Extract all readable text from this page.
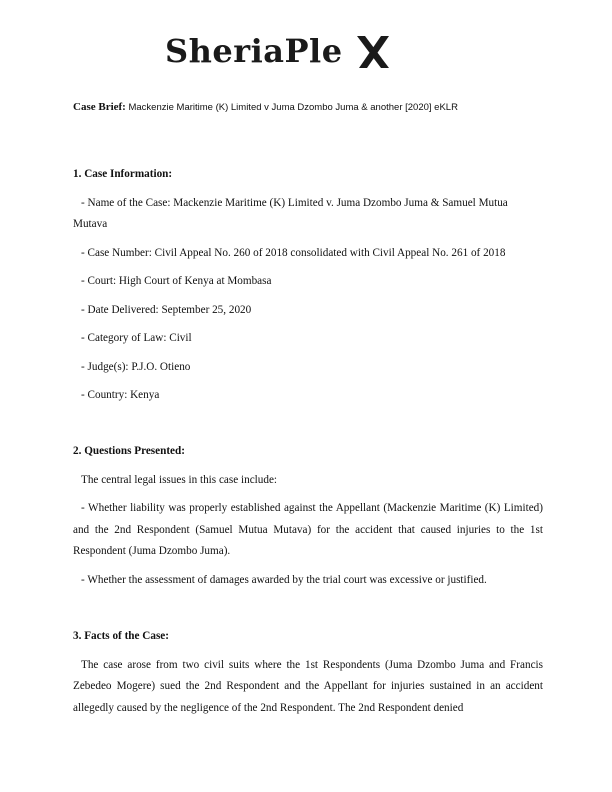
SheriaPle
Case Brief: Mackenzie Maritime (K) Limited v Juma Dzombo Juma & another [2020] eKLR
1. Case Information:
- Name of the Case: Mackenzie Maritime (K) Limited v. Juma Dzombo Juma & Samuel Mutua Mutava
- Case Number: Civil Appeal No. 260 of 2018 consolidated with Civil Appeal No. 261 of 2018
- Court: High Court of Kenya at Mombasa
- Date Delivered: September 25, 2020
- Category of Law: Civil
- Judge(s): P.J.O. Otieno
- Country: Kenya
2. Questions Presented:
The central legal issues in this case include:
- Whether liability was properly established against the Appellant (Mackenzie Maritime (K) Limited) and the 2nd Respondent (Samuel Mutua Mutava) for the accident that caused injuries to the 1st Respondent (Juma Dzombo Juma).
- Whether the assessment of damages awarded by the trial court was excessive or justified.
3. Facts of the Case:
The case arose from two civil suits where the 1st Respondents (Juma Dzombo Juma and Francis Zebedeo Mogere) sued the 2nd Respondent and the Appellant for injuries sustained in an accident allegedly caused by the negligence of the 2nd Respondent. The 2nd Respondent denied
